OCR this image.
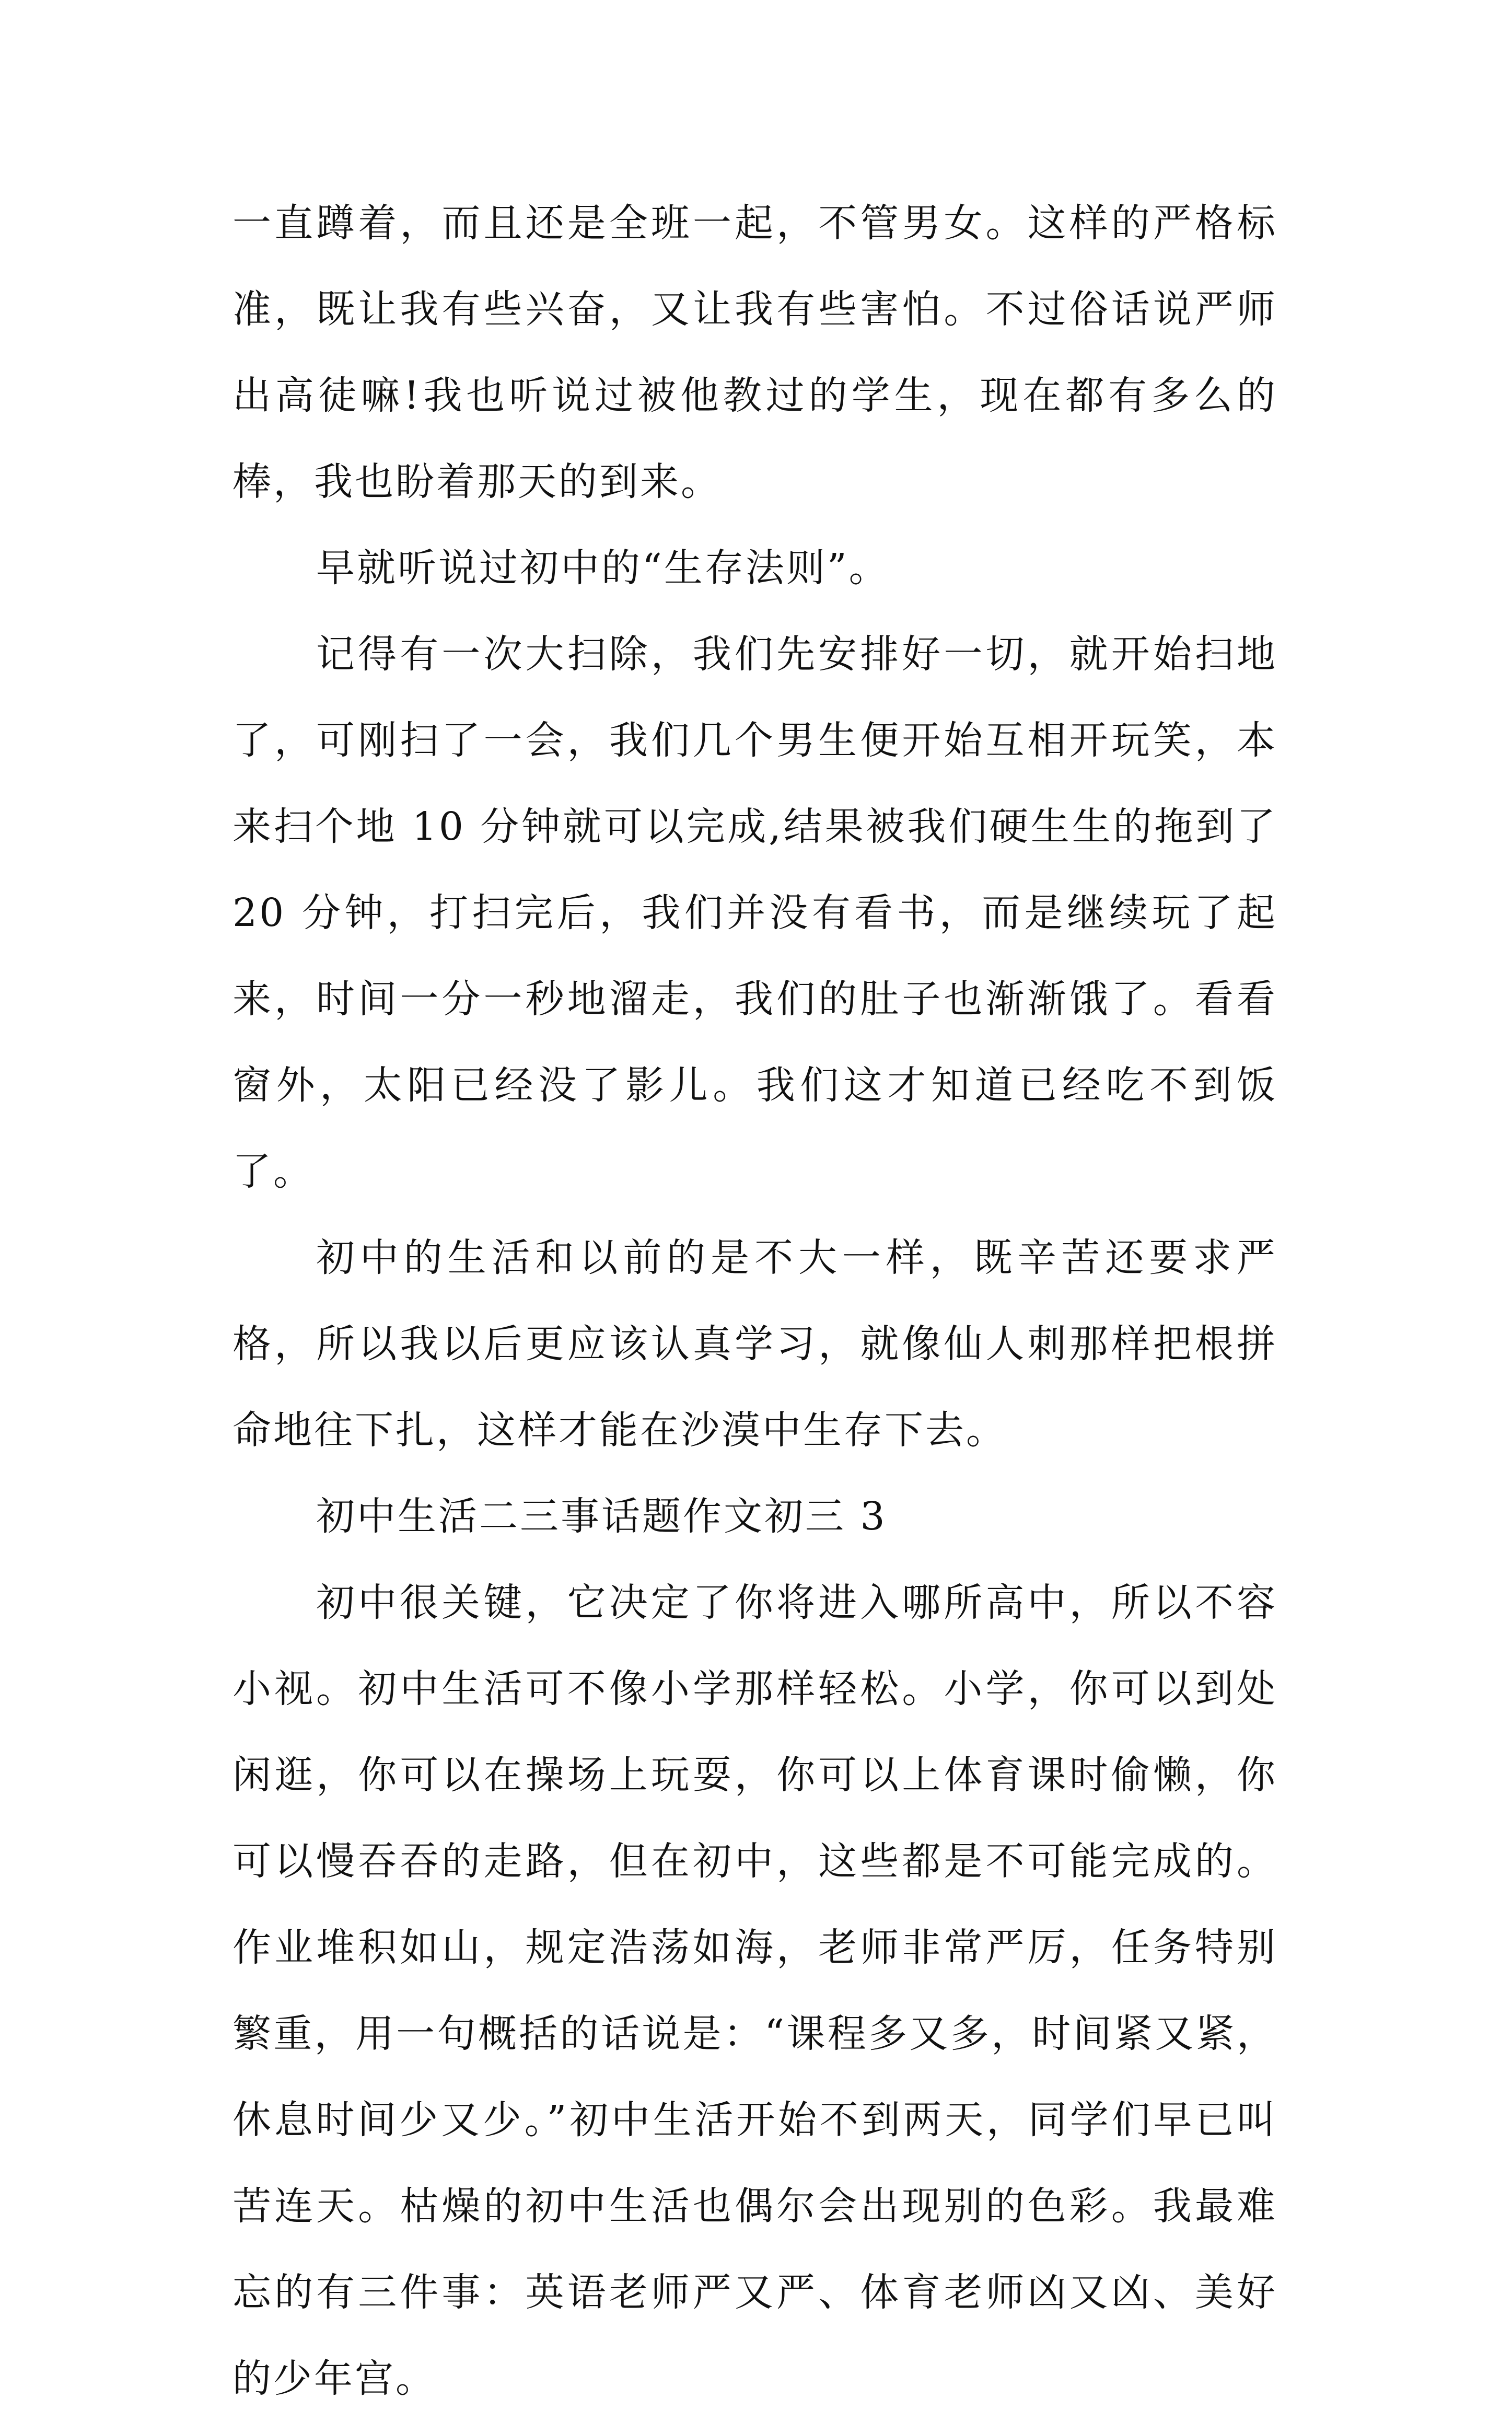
一直蹲着，而且还是全班一起，不管男女。这样的严格标准，既让我有些兴奋，又让我有些害怕。不过俗话说严师出高徒嘛!我也听说过被他教过的学生，现在都有多么的棒，我也盼着那天的到来。

早就听说过初中的“生存法则”。

记得有一次大扫除，我们先安排好一切，就开始扫地了，可刚扫了一会，我们几个男生便开始互相开玩笑，本来扫个地 10 分钟就可以完成,结果被我们硬生生的拖到了 20 分钟，打扫完后，我们并没有看书，而是继续玩了起来，时间一分一秒地溜走，我们的肚子也渐渐饿了。看看窗外，太阳已经没了影儿。我们这才知道已经吃不到饭了。

初中的生活和以前的是不大一样，既辛苦还要求严格，所以我以后更应该认真学习，就像仙人刺那样把根拼命地往下扎，这样才能在沙漠中生存下去。

初中生活二三事话题作文初三 3

初中很关键，它决定了你将进入哪所高中，所以不容小视。初中生活可不像小学那样轻松。小学，你可以到处闲逛，你可以在操场上玩耍，你可以上体育课时偷懒，你可以慢吞吞的走路，但在初中，这些都是不可能完成的。作业堆积如山，规定浩荡如海，老师非常严厉，任务特别繁重，用一句概括的话说是：“课程多又多，时间紧又紧，休息时间少又少。”初中生活开始不到两天，同学们早已叫苦连天。枯燥的初中生活也偶尔会出现别的色彩。我最难忘的有三件事：英语老师严又严、体育老师凶又凶、美好的少年宫。
